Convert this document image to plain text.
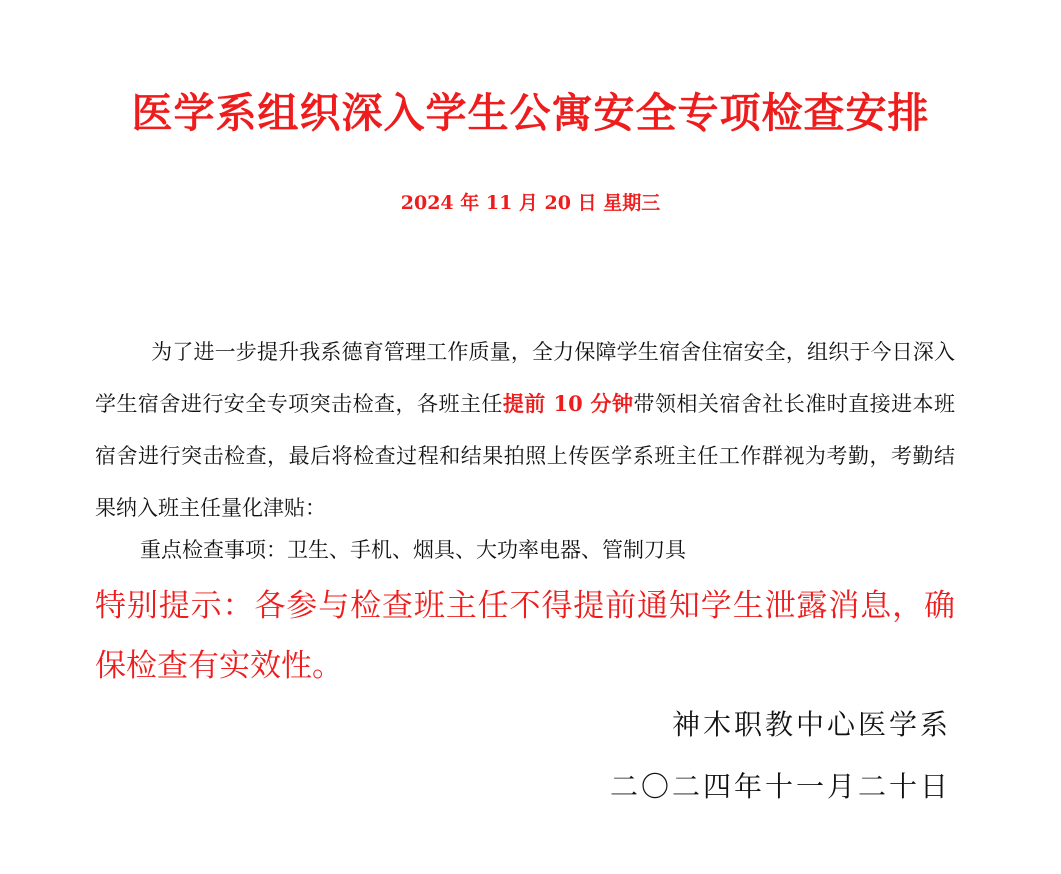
医学系组织深入学生公寓安全专项检查安排
2024 年 11 月 20 日 星期三
为了进一步提升我系德育管理工作质量，全力保障学生宿舍住宿安全，组织于今日深入学生宿舍进行安全专项突击检查，各班主任提前 10 分钟带领相关宿舍社长准时直接进本班宿舍进行突击检查，最后将检查过程和结果拍照上传医学系班主任工作群视为考勤，考勤结果纳入班主任量化津贴：
重点检查事项：卫生、手机、烟具、大功率电器、管制刀具
特别提示：各参与检查班主任不得提前通知学生泄露消息，确保检查有实效性。
神木职教中心医学系
二〇二四年十一月二十日
